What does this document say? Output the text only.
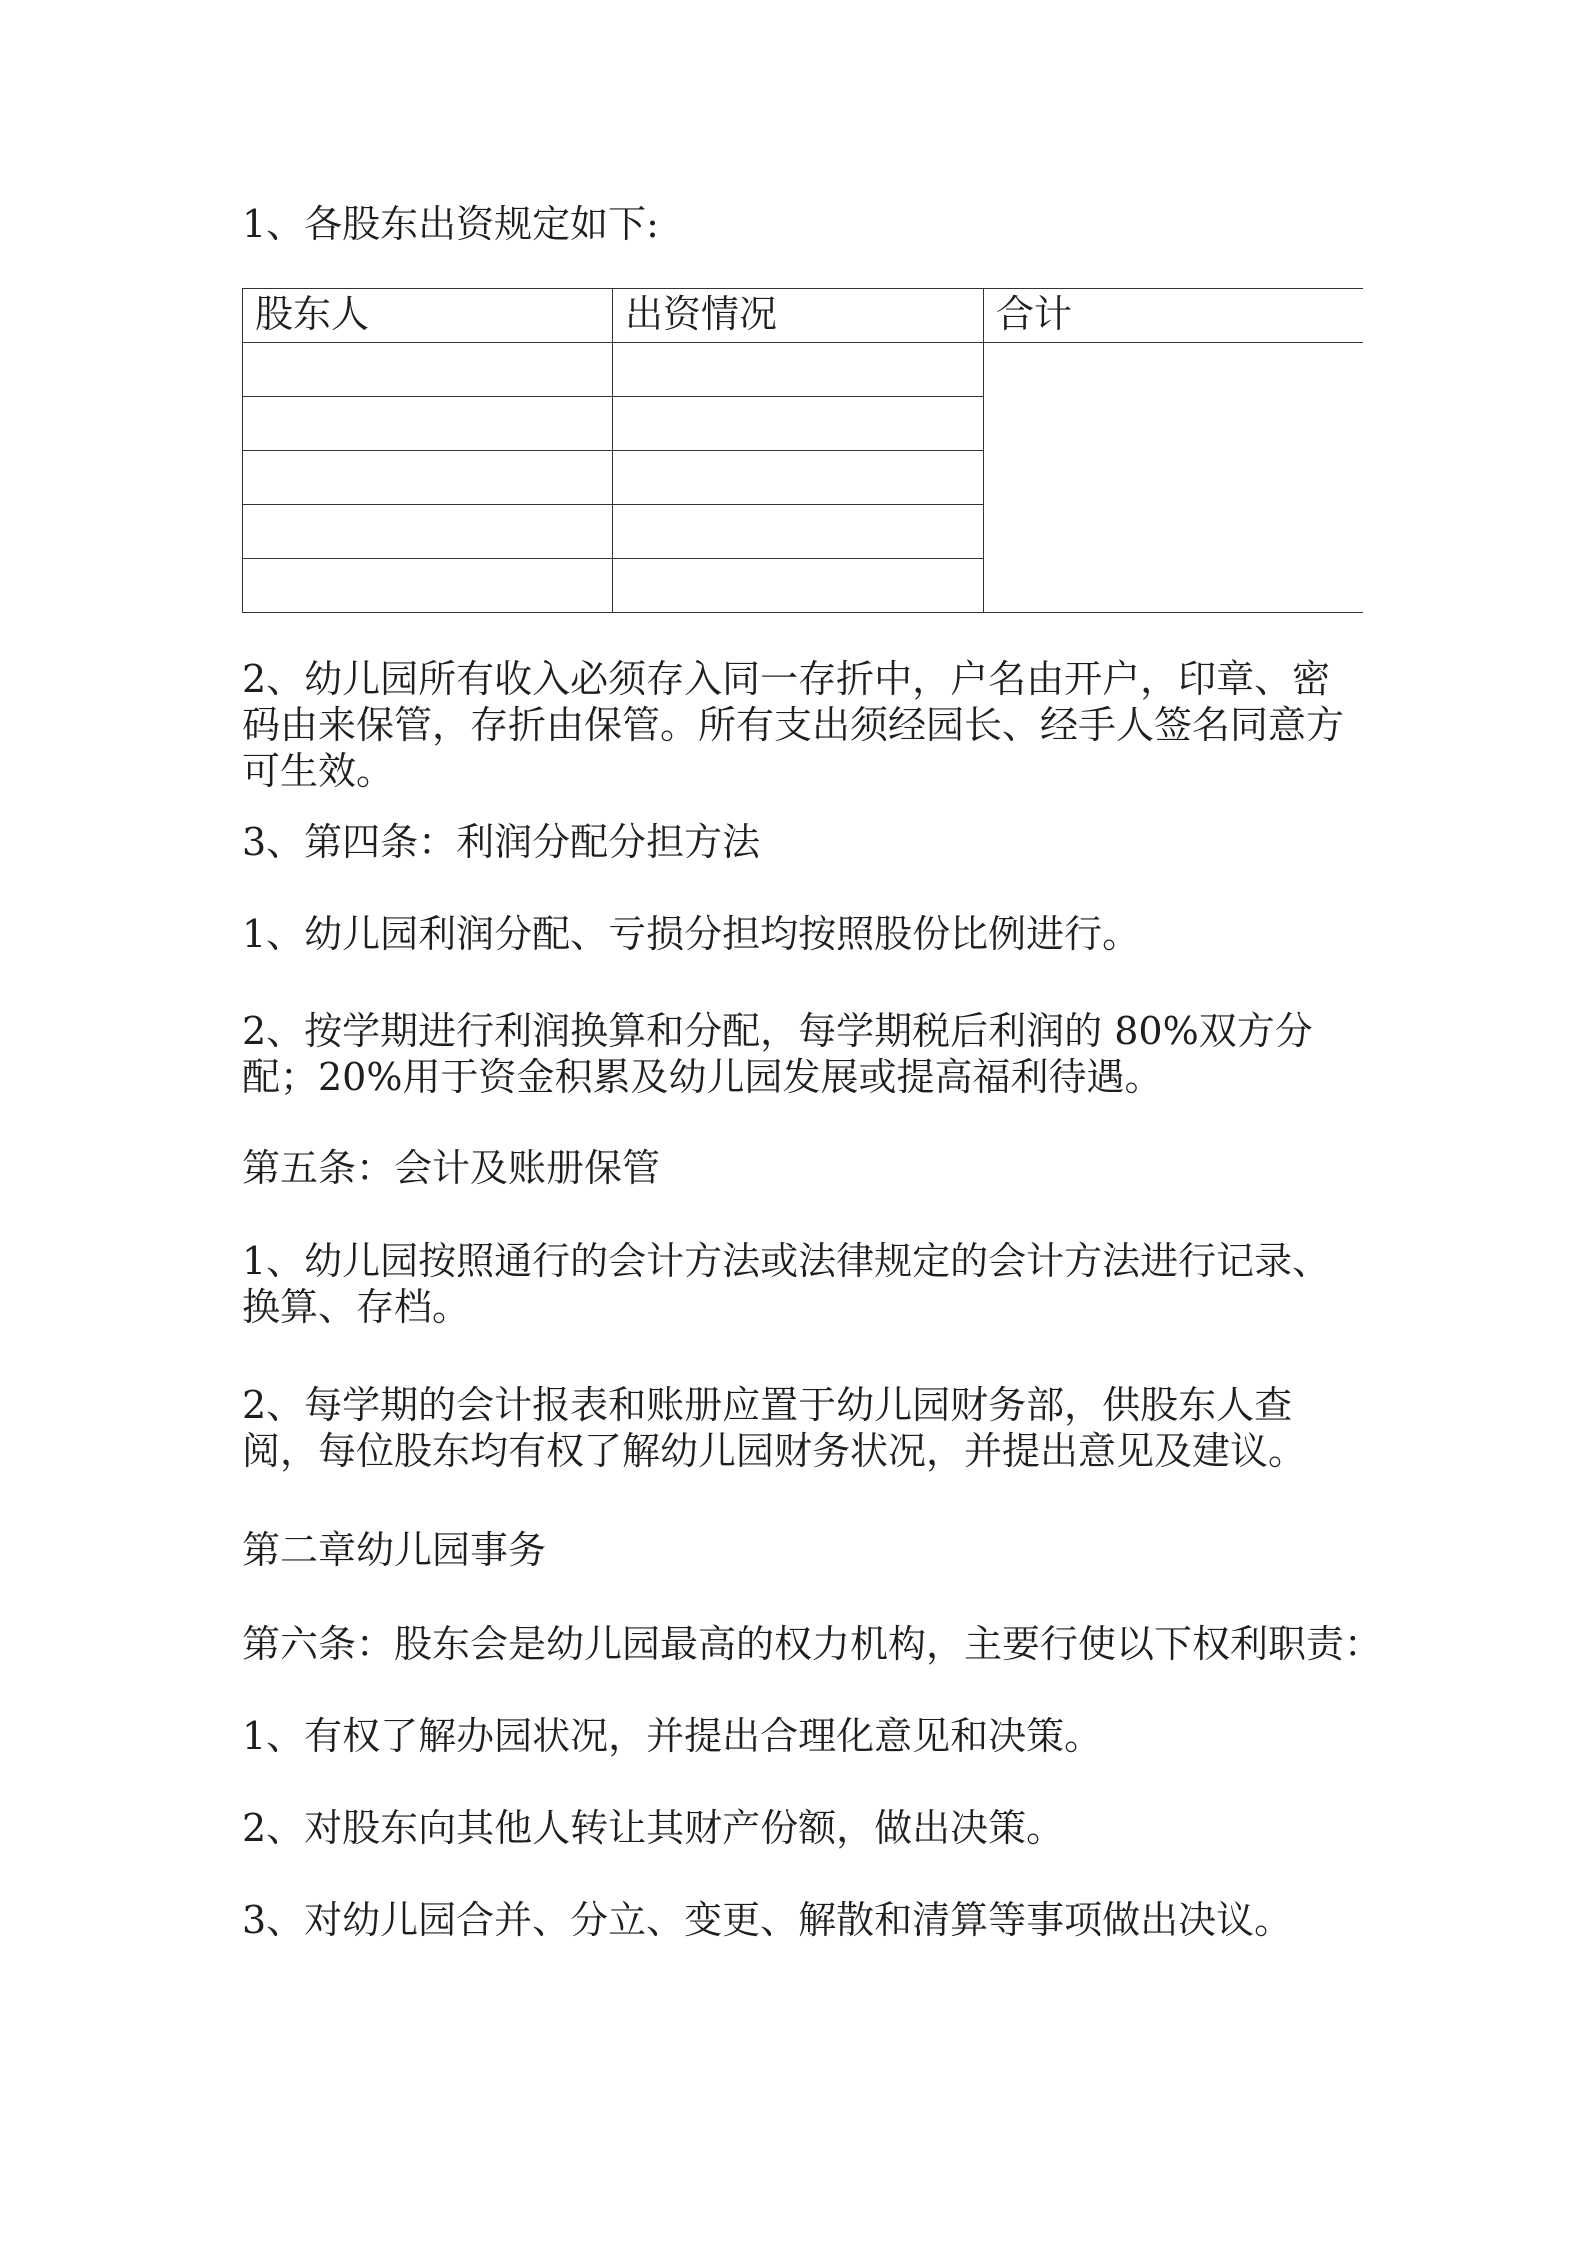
1、各股东出资规定如下:

股东人	出资情况	合计

2、幼儿园所有收入必须存入同一存折中，户名由开户，印章、密码由来保管，存折由保管。所有支出须经园长、经手人签名同意方可生效。

3、第四条：利润分配分担方法

1、幼儿园利润分配、亏损分担均按照股份比例进行。

2、按学期进行利润换算和分配，每学期税后利润的 80%双方分配；20%用于资金积累及幼儿园发展或提高福利待遇。

第五条：会计及账册保管

1、幼儿园按照通行的会计方法或法律规定的会计方法进行记录、换算、存档。

2、每学期的会计报表和账册应置于幼儿园财务部，供股东人查阅，每位股东均有权了解幼儿园财务状况，并提出意见及建议。

第二章幼儿园事务

第六条：股东会是幼儿园最高的权力机构，主要行使以下权利职责：

1、有权了解办园状况，并提出合理化意见和决策。

2、对股东向其他人转让其财产份额，做出决策。

3、对幼儿园合并、分立、变更、解散和清算等事项做出决议。
